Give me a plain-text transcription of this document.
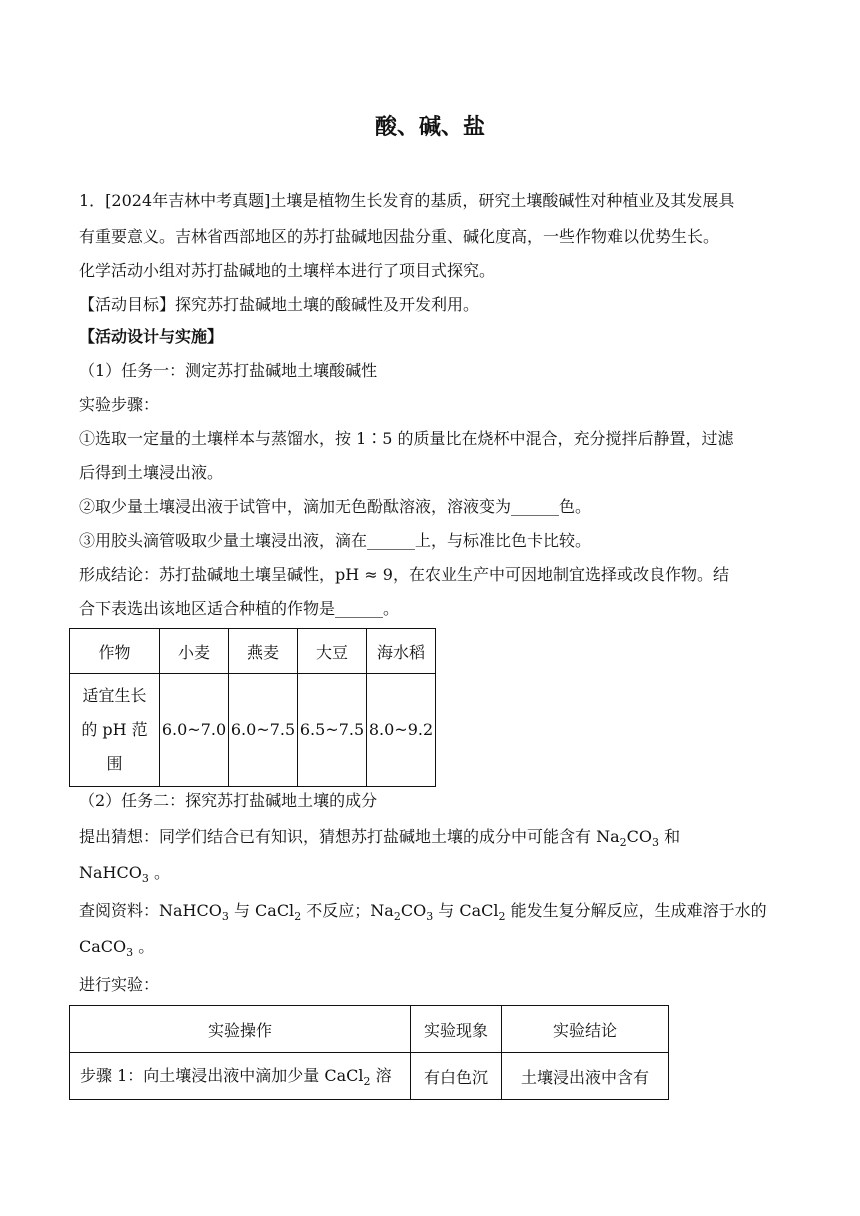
酸、碱、盐
1．[2024年吉林中考真题]土壤是植物生长发育的基质，研究土壤酸碱性对种植业及其发展具
有重要意义。吉林省西部地区的苏打盐碱地因盐分重、碱化度高，一些作物难以优势生长。
化学活动小组对苏打盐碱地的土壤样本进行了项目式探究。
【活动目标】探究苏打盐碱地土壤的酸碱性及开发利用。
【活动设计与实施】
（1）任务一：测定苏打盐碱地土壤酸碱性
实验步骤：
①选取一定量的土壤样本与蒸馏水，按 1∶5 的质量比在烧杯中混合，充分搅拌后静置，过滤
后得到土壤浸出液。
②取少量土壤浸出液于试管中，滴加无色酚酞溶液，溶液变为______色。
③用胶头滴管吸取少量土壤浸出液，滴在______上，与标准比色卡比较。
形成结论：苏打盐碱地土壤呈碱性，pH ≈ 9，在农业生产中可因地制宜选择或改良作物。结
合下表选出该地区适合种植的作物是______。
作物	小麦	燕麦	大豆	海水稻

适宜生长
的 pH 范
围	6.0~7.0	6.0~7.5	6.5~7.5	8.0~9.2
（2）任务二：探究苏打盐碱地土壤的成分
提出猜想：同学们结合已有知识，猜想苏打盐碱地土壤的成分中可能含有 $Na_2CO_3$ 和
NaHCO$_3$ 。
查阅资料：NaHCO$_3$ 与 CaCl$_2$ 不反应；$Na_2CO_3$ 与 CaCl$_2$ 能发生复分解反应，生成难溶于水的
CaCO$_3$ 。
进行实验：
实验操作	实验现象	实验结论
步骤 1：向土壤浸出液中滴加少量 CaCl$_2$ 溶	有白色沉	土壤浸出液中含有
